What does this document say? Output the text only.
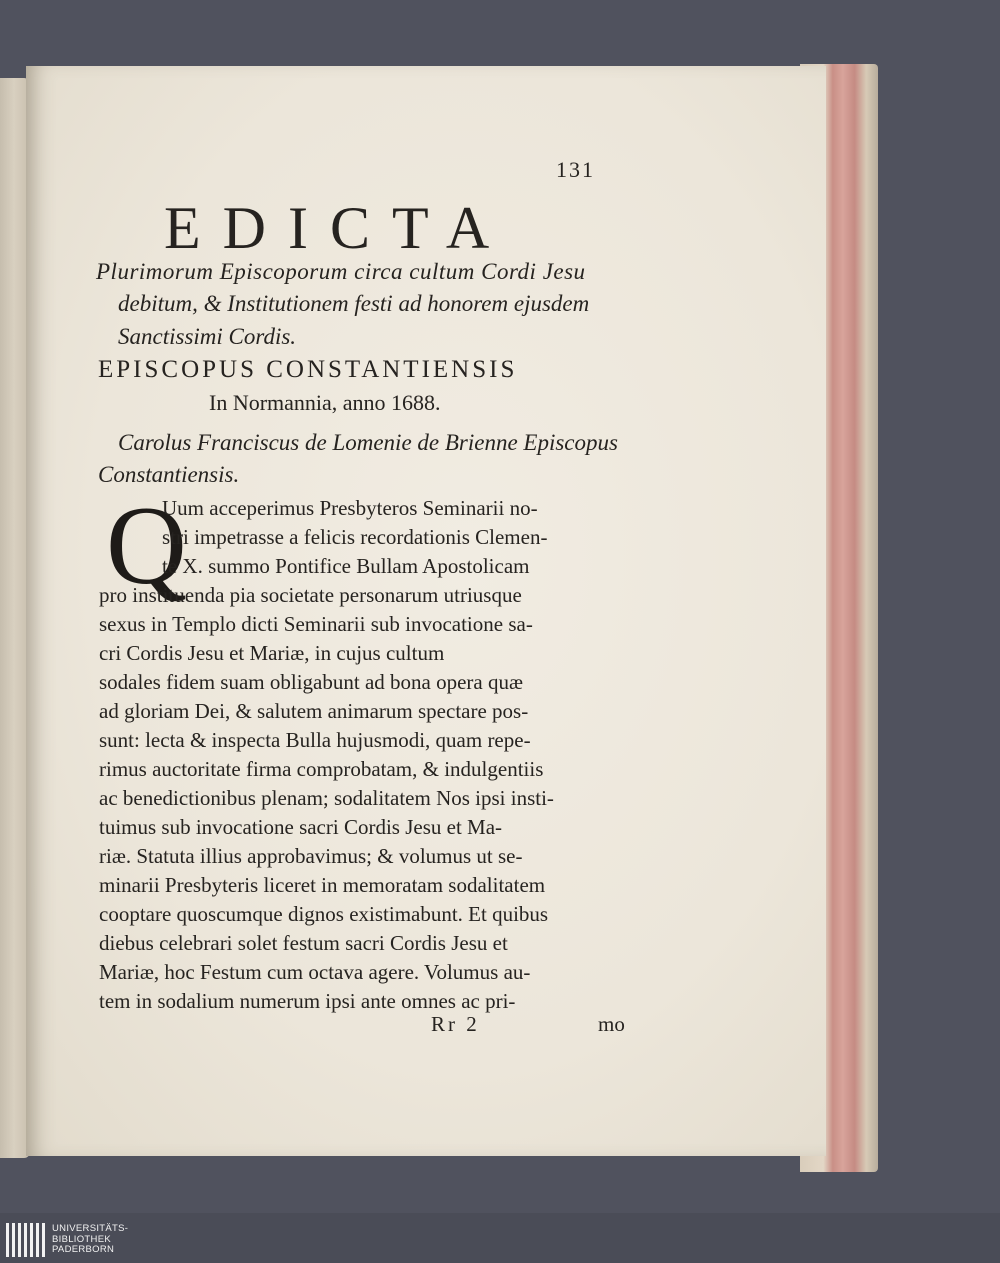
131

EDICTA

Plurimorum Episcoporum circa cultum Cordi Jesu

debitum, & Institutionem festi ad honorem ejusdem

Sanctissimi Cordis.

EPISCOPUS CONSTANTIENSIS

In Normannia, anno 1688.

Carolus Franciscus de Lomenie de Brienne Episcopus

Constantiensis.

Q
Uum acceperimus Presbyteros Seminarii no-
stri impetrasse a felicis recordationis Clemen-
te X. summo Pontifice Bullam Apostolicam
pro instituenda pia societate personarum utriusque
sexus in Templo dicti Seminarii sub invocatione sa-
cri Cordis Jesu et Mariæ, in cujus cultum
sodales fidem suam obligabunt ad bona opera quæ
ad gloriam Dei, & salutem animarum spectare pos-
sunt: lecta & inspecta Bulla hujusmodi, quam repe-
rimus auctoritate firma comprobatam, & indulgentiis
ac benedictionibus plenam; sodalitatem Nos ipsi insti-
tuimus sub invocatione sacri Cordis Jesu et Ma-
riæ. Statuta illius approbavimus; & volumus ut se-
minarii Presbyteris liceret in memoratam sodalitatem
cooptare quoscumque dignos existimabunt. Et quibus
diebus celebrari solet festum sacri Cordis Jesu et
Mariæ, hoc Festum cum octava agere. Volumus au-
tem in sodalium numerum ipsi ante omnes ac pri-

Rr 2	mo

UNIVERSITÄTS-
BIBLIOTHEK
PADERBORN
